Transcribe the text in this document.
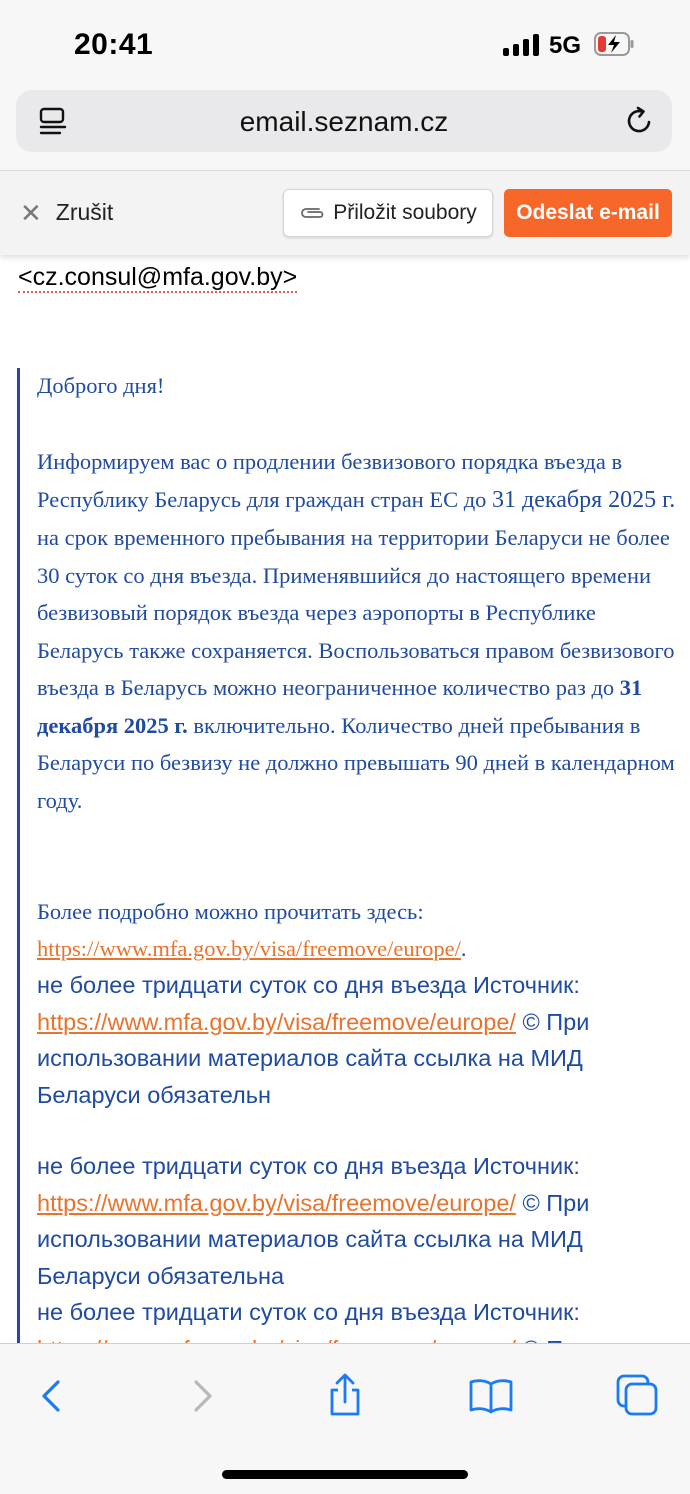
20:41	5G
email.seznam.cz
✕ Zrušit	Přiložit soubory	Odeslat e-mail
<cz.consul@mfa.gov.by>
Доброго дня!
Информируем вас о продлении безвизового порядка въезда в Республику Беларусь для граждан стран ЕС до 31 декабря 2025 г. на срок временного пребывания на территории Беларуси не более 30 суток со дня въезда. Применявшийся до настоящего времени безвизовый порядок въезда через аэропорты в Республике Беларусь также сохраняется. Воспользоваться правом безвизового въезда в Беларусь можно неограниченное количество раз до 31 декабря 2025 г. включительно. Количество дней пребывания в Беларуси по безвизу не должно превышать 90 дней в календарном году.
Более подробно можно прочитать здесь:
https://www.mfa.gov.by/visa/freemove/europe/.
не более тридцати суток со дня въезда Источник:
https://www.mfa.gov.by/visa/freemove/europe/ © При использовании материалов сайта ссылка на МИД Беларуси обязательн
не более тридцати суток со дня въезда Источник:
https://www.mfa.gov.by/visa/freemove/europe/ © При использовании материалов сайта ссылка на МИД Беларуси обязательна
не более тридцати суток со дня въезда Источник:
